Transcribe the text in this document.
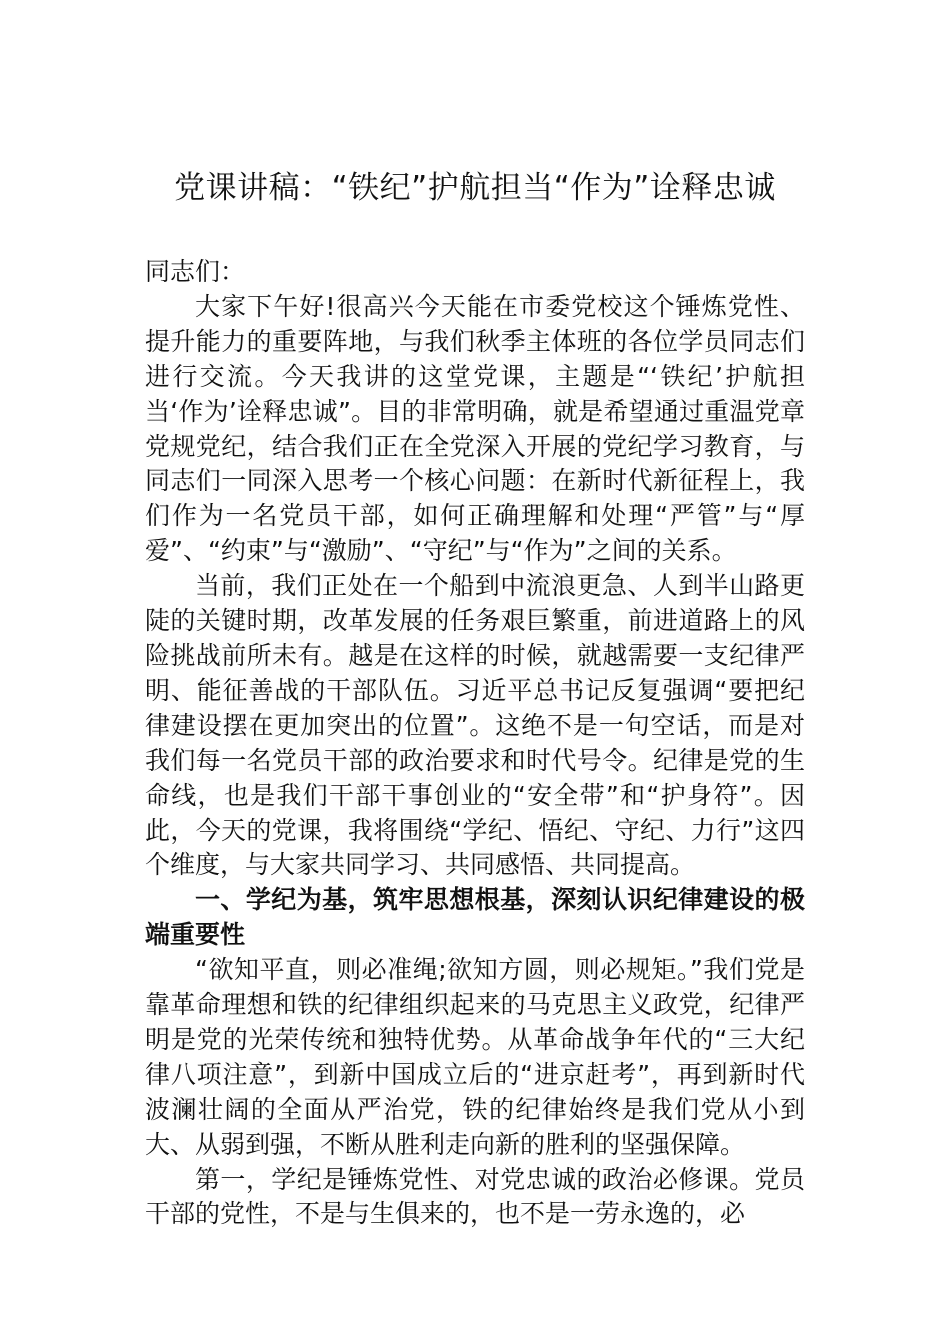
党课讲稿：“铁纪”护航担当“作为”诠释忠诚

同志们：

大家下午好!很高兴今天能在市委党校这个锤炼党性、提升能力的重要阵地，与我们秋季主体班的各位学员同志们进行交流。今天我讲的这堂党课，主题是“‘铁纪’护航担当‘作为’诠释忠诚”。目的非常明确，就是希望通过重温党章党规党纪，结合我们正在全党深入开展的党纪学习教育，与同志们一同深入思考一个核心问题：在新时代新征程上，我们作为一名党员干部，如何正确理解和处理“严管”与“厚爱”、“约束”与“激励”、“守纪”与“作为”之间的关系。

当前，我们正处在一个船到中流浪更急、人到半山路更陡的关键时期，改革发展的任务艰巨繁重，前进道路上的风险挑战前所未有。越是在这样的时候，就越需要一支纪律严明、能征善战的干部队伍。习近平总书记反复强调“要把纪律建设摆在更加突出的位置”。这绝不是一句空话，而是对我们每一名党员干部的政治要求和时代号令。纪律是党的生命线，也是我们干部干事创业的“安全带”和“护身符”。因此，今天的党课，我将围绕“学纪、悟纪、守纪、力行”这四个维度，与大家共同学习、共同感悟、共同提高。

一、学纪为基，筑牢思想根基，深刻认识纪律建设的极端重要性

“欲知平直，则必准绳;欲知方圆，则必规矩。”我们党是靠革命理想和铁的纪律组织起来的马克思主义政党，纪律严明是党的光荣传统和独特优势。从革命战争年代的“三大纪律八项注意”，到新中国成立后的“进京赶考”，再到新时代波澜壮阔的全面从严治党，铁的纪律始终是我们党从小到大、从弱到强，不断从胜利走向新的胜利的坚强保障。

第一，学纪是锤炼党性、对党忠诚的政治必修课。党员干部的党性，不是与生俱来的，也不是一劳永逸的，必
